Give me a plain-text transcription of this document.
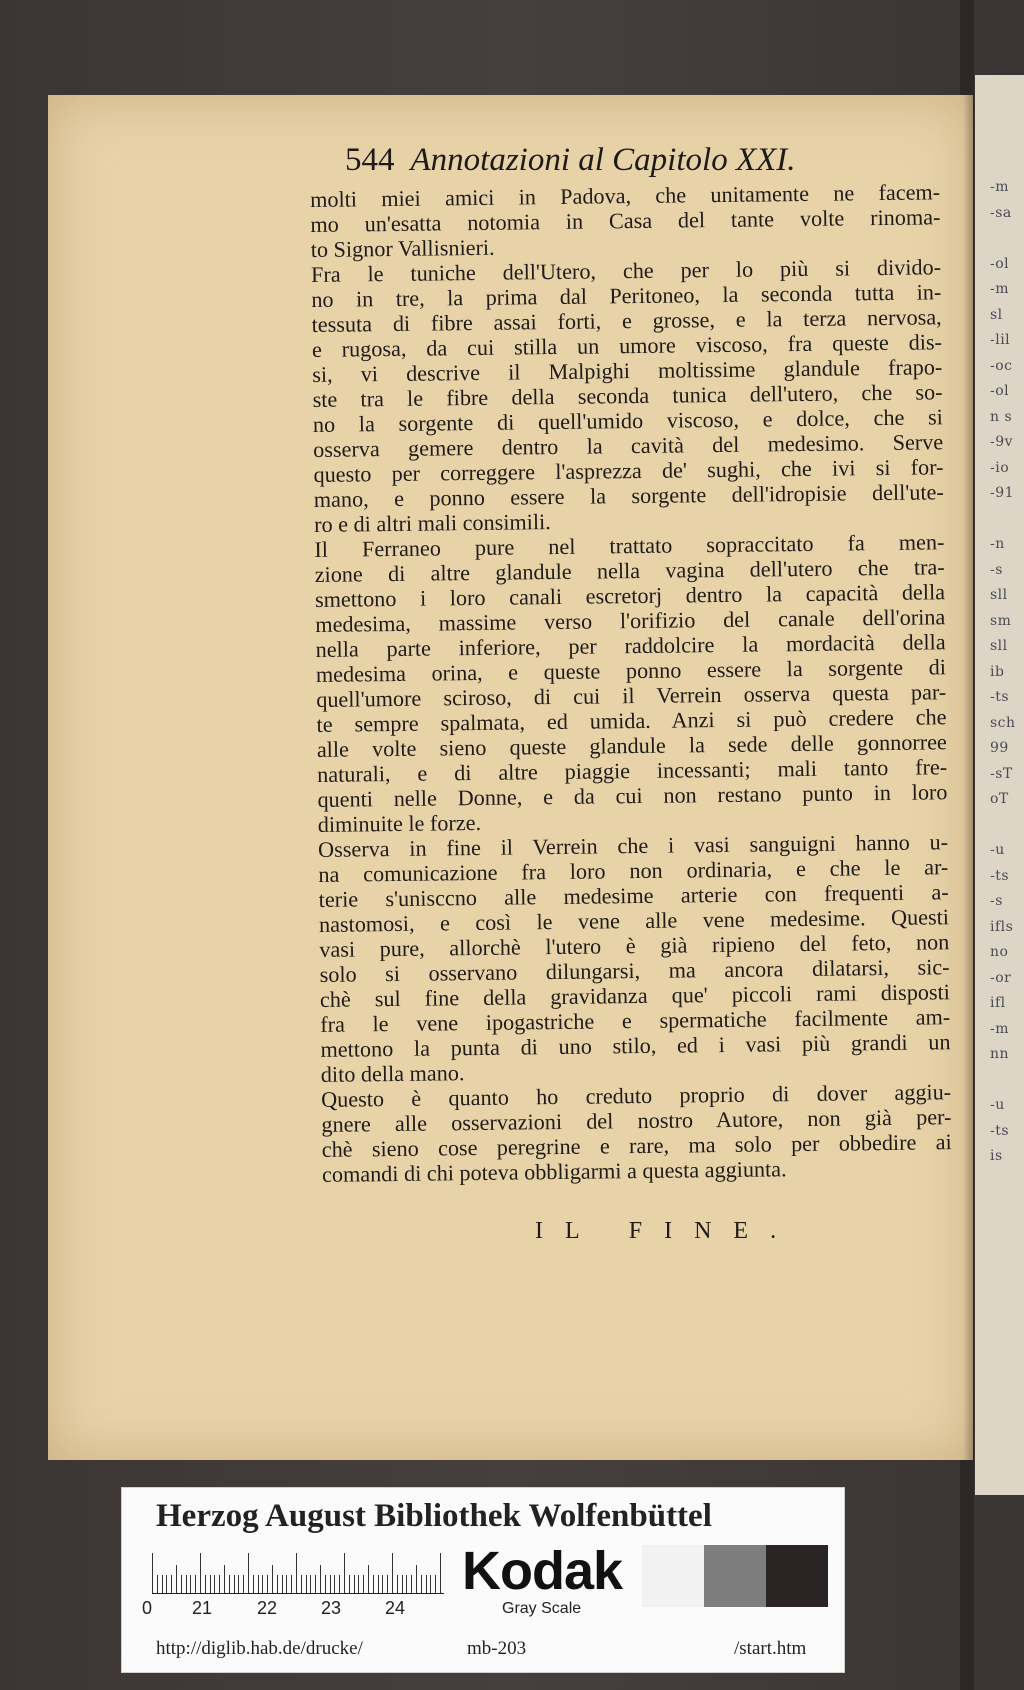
-m
-sa
-ol
-m
sl
-lil
-oc
-ol
n s
-9v
-io
-91
-n
-s
sll
sm
sll
ib
-ts
sch
99
-sT
oT
-u
-ts
-s
ifls
no
-or
ifl
-m
nn
-u
-ts
is
544 Annotazioni al Capitolo XXI.
molti miei amici in Padova, che unitamente ne facem-
mo un'esatta notomia in Casa del tante volte rinoma-
to Signor Vallisnieri.
Fra le tuniche dell'Utero, che per lo più si divido-
no in tre, la prima dal Peritoneo, la seconda tutta in-
tessuta di fibre assai forti, e grosse, e la terza nervosa,
e rugosa, da cui stilla un umore viscoso, fra queste dis-
si, vi descrive il Malpighi moltissime glandule frapo-
ste tra le fibre della seconda tunica dell'utero, che so-
no la sorgente di quell'umido viscoso, e dolce, che si
osserva gemere dentro la cavità del medesimo. Serve
questo per correggere l'asprezza de' sughi, che ivi si for-
mano, e ponno essere la sorgente dell'idropisie dell'ute-
ro e di altri mali consimili.
Il Ferraneo pure nel trattato sopraccitato fa men-
zione di altre glandule nella vagina dell'utero che tra-
smettono i loro canali escretorj dentro la capacità della
medesima, massime verso l'orifizio del canale dell'orina
nella parte inferiore, per raddolcire la mordacità della
medesima orina, e queste ponno essere la sorgente di
quell'umore sciroso, di cui il Verrein osserva questa par-
te sempre spalmata, ed umida. Anzi si può credere che
alle volte sieno queste glandule la sede delle gonnorree
naturali, e di altre piaggie incessanti; mali tanto fre-
quenti nelle Donne, e da cui non restano punto in loro
diminuite le forze.
Osserva in fine il Verrein che i vasi sanguigni hanno u-
na comunicazione fra loro non ordinaria, e che le ar-
terie s'unisccno alle medesime arterie con frequenti a-
nastomosi, e così le vene alle vene medesime. Questi
vasi pure, allorchè l'utero è già ripieno del feto, non
solo si osservano dilungarsi, ma ancora dilatarsi, sic-
chè sul fine della gravidanza que' piccoli rami disposti
fra le vene ipogastriche e spermatiche facilmente am-
mettono la punta di uno stilo, ed i vasi più grandi un
dito della mano.
Questo è quanto ho creduto proprio di dover aggiu-
gnere alle osservazioni del nostro Autore, non già per-
chè sieno cose peregrine e rare, ma solo per obbedire ai
comandi di chi poteva obbligarmi a questa aggiunta.
IL FINE.
Herzog August Bibliothek Wolfenbüttel
0 21 22 23 24
Kodak
Gray Scale
http://diglib.hab.de/drucke/	mb-203	/start.htm
